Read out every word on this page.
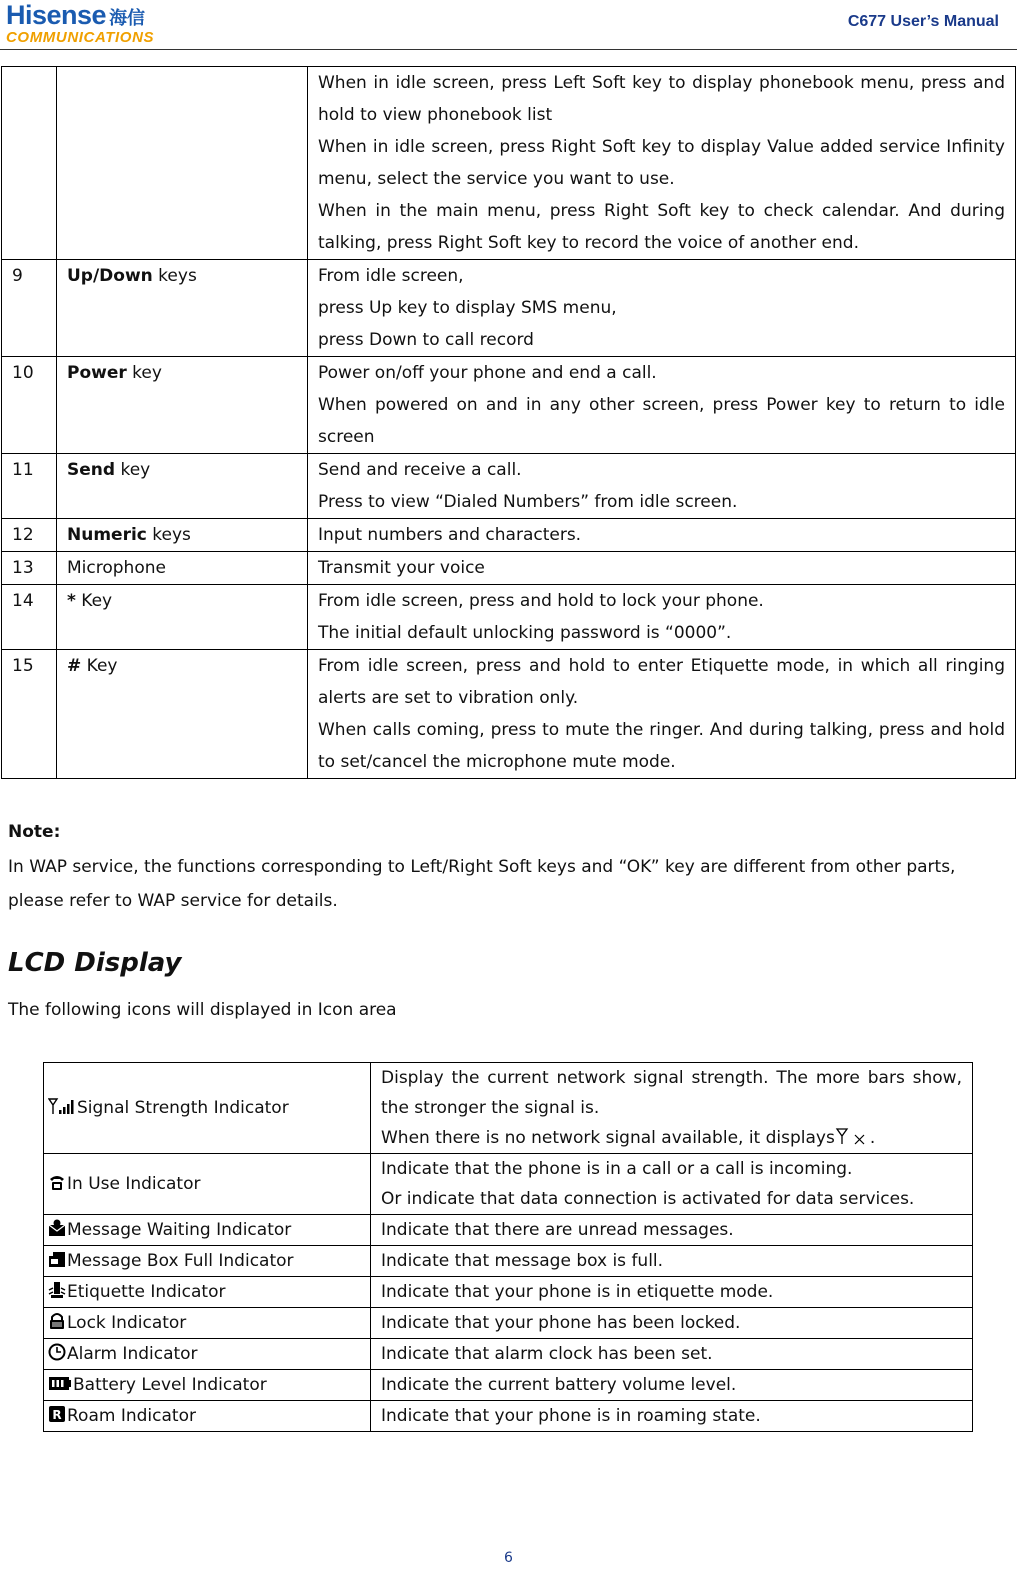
Hisense 海信
COMMUNICATIONS
C677 User’s Manual

		When in idle screen, press Left Soft key to display phonebook menu, press and hold to view phonebook list
When in idle screen, press Right Soft key to display Value added service Infinity menu, select the service you want to use.
When in the main menu, press Right Soft key to check calendar. And during talking, press Right Soft key to record the voice of another end.

9	Up/Down keys	From idle screen,
press Up key to display SMS menu,
press Down to call record

10	Power key	Power on/off your phone and end a call.
When powered on and in any other screen, press Power key to return to idle screen

11	Send key	Send and receive a call.
Press to view “Dialed Numbers” from idle screen.

12	Numeric keys	Input numbers and characters.

13	Microphone	Transmit your voice

14	* Key	From idle screen, press and hold to lock your phone.
The initial default unlocking password is “0000”.

15	# Key	From idle screen, press and hold to enter Etiquette mode, in which all ringing alerts are set to vibration only.
When calls coming, press to mute the ringer. And during talking, press and hold to set/cancel the microphone mute mode.
Note:
In WAP service, the functions corresponding to Left/Right Soft keys and “OK” key are different from other parts, please refer to WAP service for details.
LCD Display
The following icons will displayed in Icon area
Signal Strength Indicator	Display the current network signal strength. The more bars show, the stronger the signal is.
When there is no network signal available, it displays .

In Use Indicator	Indicate that the phone is in a call or a call is incoming.
Or indicate that data connection is activated for data services.

Message Waiting Indicator	Indicate that there are unread messages.

Message Box Full Indicator	Indicate that message box is full.

Etiquette Indicator	Indicate that your phone is in etiquette mode.

Lock Indicator	Indicate that your phone has been locked.

Alarm Indicator	Indicate that alarm clock has been set.

Battery Level Indicator	Indicate the current battery volume level.

R Roam Indicator	Indicate that your phone is in roaming state.
6
